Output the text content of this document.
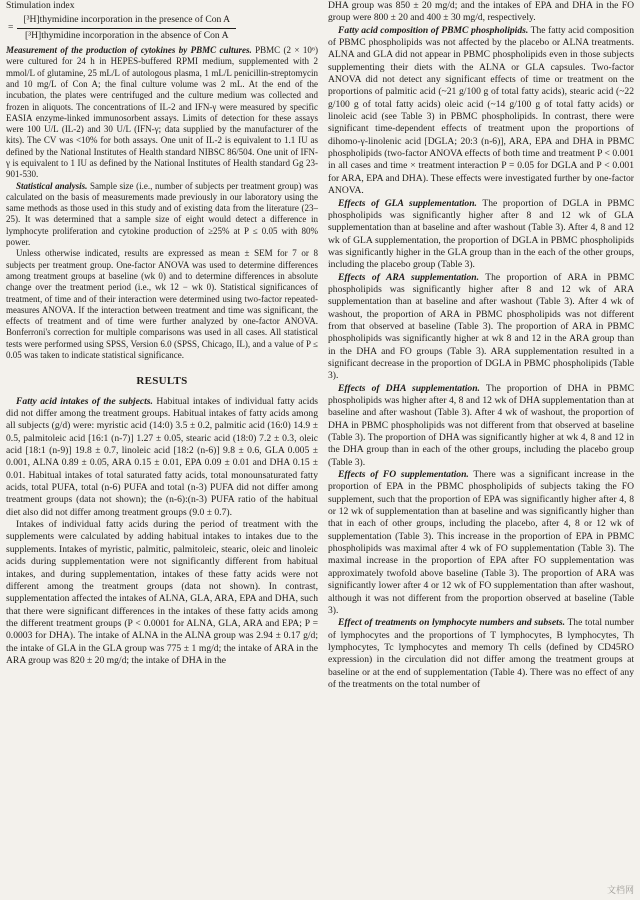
Stimulation index

= $\frac{\text{[³H]thymidine incorporation in the presence of Con A}}{\text{[³H]thymidine incorporation in the absence of Con A}}$

Measurement of the production of cytokines by PBMC cultures. PBMC (2 × 10⁶) were cultured for 24 h in HEPES-buffered RPMI medium, supplemented with 2 mmol/L of glutamine, 25 mL/L of autologous plasma, 1 mL/L penicillin-streptomycin and 10 mg/L of Con A; the final culture volume was 2 mL. At the end of the incubation, the plates were centrifuged and the culture medium was collected and frozen in aliquots. The concentrations of IL-2 and IFN-γ were measured by specific EASIA enzyme-linked immunosorbent assays. Limits of detection for these assays were 100 U/L (IL-2) and 30 U/L (IFN-γ; data supplied by the manufacturer of the kits). The CV was <10% for both assays. One unit of IL-2 is equivalent to 1.1 IU as defined by the National Institutes of Health standard NIBSC 86/504. One unit of IFN-γ is equivalent to 1 IU as defined by the National Institutes of Health standard Gg 23-901-530.

Statistical analysis. Sample size (i.e., number of subjects per treatment group) was calculated on the basis of measurements made previously in our laboratory using the same methods as those used in this study and of existing data from the literature (23–25). It was determined that a sample size of eight would detect a difference in lymphocyte proliferation and cytokine production of ≥25% at P ≤ 0.05 with 80% power.

Unless otherwise indicated, results are expressed as mean ± SEM for 7 or 8 subjects per treatment group. One-factor ANOVA was used to determine differences among treatment groups at baseline (wk 0) and to determine differences in absolute change over the treatment period (i.e., wk 12 − wk 0). Statistical significances of treatment, of time and of their interaction were determined using two-factor repeated-measures ANOVA. If the interaction between treatment and time was significant, the effects of treatment and of time were further analyzed by one-factor ANOVA. Bonferroni's correction for multiple comparisons was used in all cases. All statistical tests were performed using SPSS, Version 6.0 (SPSS, Chicago, IL), and a value of P ≤ 0.05 was taken to indicate statistical significance.

RESULTS

Fatty acid intakes of the subjects. Habitual intakes of individual fatty acids did not differ among the treatment groups. Habitual intakes of fatty acids among all subjects (g/d) were: myristic acid (14:0) 3.5 ± 0.2, palmitic acid (16:0) 14.9 ± 0.5, palmitoleic acid [16:1 (n-7)] 1.27 ± 0.05, stearic acid (18:0) 7.2 ± 0.3, oleic acid [18:1 (n-9)] 19.8 ± 0.7, linoleic acid [18:2 (n-6)] 9.8 ± 0.6, GLA 0.005 ± 0.001, ALNA 0.89 ± 0.05, ARA 0.15 ± 0.01, EPA 0.09 ± 0.01 and DHA 0.15 ± 0.01. Habitual intakes of total saturated fatty acids, total monounsaturated fatty acids, total PUFA, total (n-6) PUFA and total (n-3) PUFA did not differ among treatment groups (data not shown); the (n-6):(n-3) PUFA ratio of the habitual diet also did not differ among treatment groups (9.0 ± 0.7).

Intakes of individual fatty acids during the period of treatment with the supplements were calculated by adding habitual intakes to intakes due to the supplements. Intakes of myristic, palmitic, palmitoleic, stearic, oleic and linoleic acids during supplementation were not significantly different from habitual intakes, and during supplementation, intakes of these fatty acids were not different among the treatment groups (data not shown). In contrast, supplementation affected the intakes of ALNA, GLA, ARA, EPA and DHA, such that there were significant differences in the intakes of these fatty acids among the different treatment groups (P < 0.0001 for ALNA, GLA, ARA and EPA; P = 0.0003 for DHA). The intake of ALNA in the ALNA group was 2.94 ± 0.17 g/d; the intake of GLA in the GLA group was 775 ± 1 mg/d; the intake of ARA in the ARA group was 820 ± 20 mg/d; the intake of DHA in the

DHA group was 850 ± 20 mg/d; and the intakes of EPA and DHA in the FO group were 800 ± 20 and 400 ± 30 mg/d, respectively.

Fatty acid composition of PBMC phospholipids. The fatty acid composition of PBMC phospholipids was not affected by the placebo or ALNA treatments. ALNA and GLA did not appear in PBMC phospholipids even in those subjects supplementing their diets with the ALNA or GLA capsules. Two-factor ANOVA did not detect any significant effects of time or treatment on the proportions of palmitic acid (~21 g/100 g of total fatty acids), stearic acid (~22 g/100 g of total fatty acids) oleic acid (~14 g/100 g of total fatty acids) or linoleic acid (see Table 3) in PBMC phospholipids. In contrast, there were significant time-dependent effects of treatment upon the proportions of dihomo-γ-linolenic acid [DGLA; 20:3 (n-6)], ARA, EPA and DHA in PBMC phospholipids (two-factor ANOVA effects of both time and treatment P < 0.001 in all cases and time × treatment interaction P = 0.05 for DGLA and P < 0.001 for ARA, EPA and DHA). These effects were investigated further by one-factor ANOVA.

Effects of GLA supplementation. The proportion of DGLA in PBMC phospholipids was significantly higher after 8 and 12 wk of GLA supplementation than at baseline and after washout (Table 3). After 4, 8 and 12 wk of GLA supplementation, the proportion of DGLA in PBMC phospholipids was significantly higher in the GLA group than in the each of the other groups, including the placebo group (Table 3).

Effects of ARA supplementation. The proportion of ARA in PBMC phospholipids was significantly higher after 8 and 12 wk of ARA supplementation than at baseline and after washout (Table 3). After 4 wk of washout, the proportion of ARA in PBMC phospholipids was not different from that observed at baseline (Table 3). The proportion of ARA in PBMC phospholipids was significantly higher at wk 8 and 12 in the ARA group than in the DHA and FO groups (Table 3). ARA supplementation resulted in a significant decrease in the proportion of DGLA in PBMC phospholipids (Table 3).

Effects of DHA supplementation. The proportion of DHA in PBMC phospholipids was higher after 4, 8 and 12 wk of DHA supplementation than at baseline and after washout (Table 3). After 4 wk of washout, the proportion of DHA in PBMC phospholipids was not different from that observed at baseline (Table 3). The proportion of DHA was significantly higher at wk 4, 8 and 12 in the DHA group than in each of the other groups, including the placebo group (Table 3).

Effects of FO supplementation. There was a significant increase in the proportion of EPA in the PBMC phospholipids of subjects taking the FO supplement, such that the proportion of EPA was significantly higher after 4, 8 or 12 wk of supplementation than at baseline and was significantly higher than that in each of other groups, including the placebo, after 4, 8 or 12 wk of supplementation (Table 3). This increase in the proportion of EPA in PBMC phospholipids was maximal after 4 wk of FO supplementation (Table 3). The maximal increase in the proportion of EPA after FO supplementation was approximately twofold above baseline (Table 3). The proportion of ARA was significantly lower after 4 or 12 wk of FO supplementation than after washout, although it was not different from the proportion observed at baseline (Table 3).

Effect of treatments on lymphocyte numbers and subsets. The total number of lymphocytes and the proportions of T lymphocytes, B lymphocytes, Th lymphocytes, Tc lymphocytes and memory Th cells (defined by CD45RO expression) in the circulation did not differ among the treatment groups at baseline or at the end of supplementation (Table 4). There was no effect of any of the treatments on the total number of

文档网
